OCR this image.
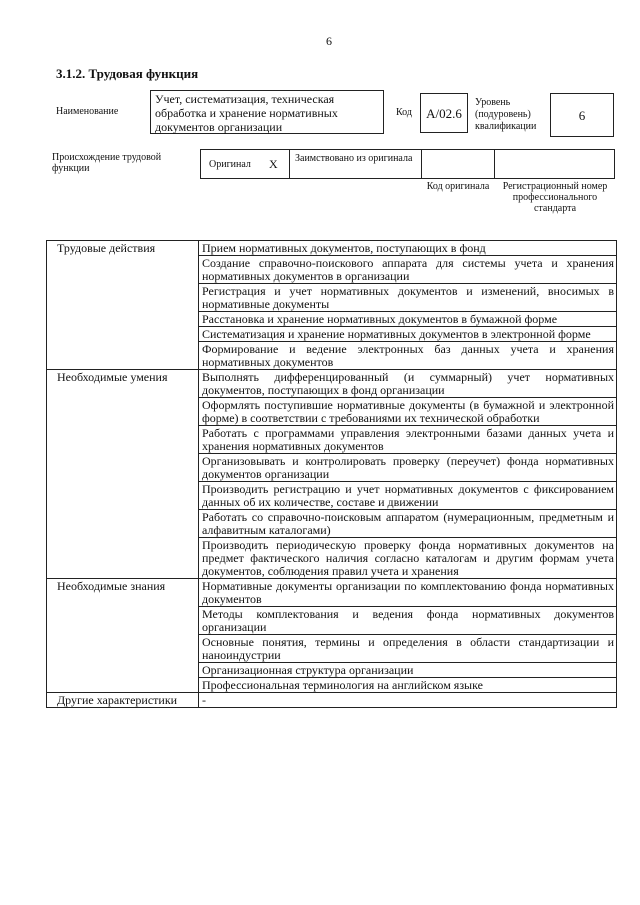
6
3.1.2. Трудовая функция
Наименование
Учет, систематизация, техническая обработка и хранение нормативных документов организации
Код	A/02.6
Уровень (подуровень) квалификации
6
Происхождение трудовой функции	Оригинал X Заимствовано из оригинала
Код оригинала Регистрационный номер профессионального стандарта
Трудовые действия	Прием нормативных документов, поступающих в фонд
	Создание справочно-поискового аппарата для системы учета и хранения нормативных документов в организации
	Регистрация и учет нормативных документов и изменений, вносимых в нормативные документы
	Расстановка и хранение нормативных документов в бумажной форме
	Систематизация и хранение нормативных документов в электронной форме
	Формирование и ведение электронных баз данных учета и хранения нормативных документов
Необходимые умения	Выполнять дифференцированный (и суммарный) учет нормативных документов, поступающих в фонд организации
	Оформлять поступившие нормативные документы (в бумажной и электронной форме) в соответствии с требованиями их технической обработки
	Работать с программами управления электронными базами данных учета и хранения нормативных документов
	Организовывать и контролировать проверку (переучет) фонда нормативных документов организации
	Производить регистрацию и учет нормативных документов с фиксированием данных об их количестве, составе и движении
	Работать со справочно-поисковым аппаратом (нумерационным, предметным и алфавитным каталогами)
	Производить периодическую проверку фонда нормативных документов на предмет фактического наличия согласно каталогам и другим формам учета документов, соблюдения правил учета и хранения
Необходимые знания	Нормативные документы организации по комплектованию фонда нормативных документов
	Методы комплектования и ведения фонда нормативных документов организации
	Основные понятия, термины и определения в области стандартизации и наноиндустрии
	Организационная структура организации
	Профессиональная терминология на английском языке
Другие характеристики	-
